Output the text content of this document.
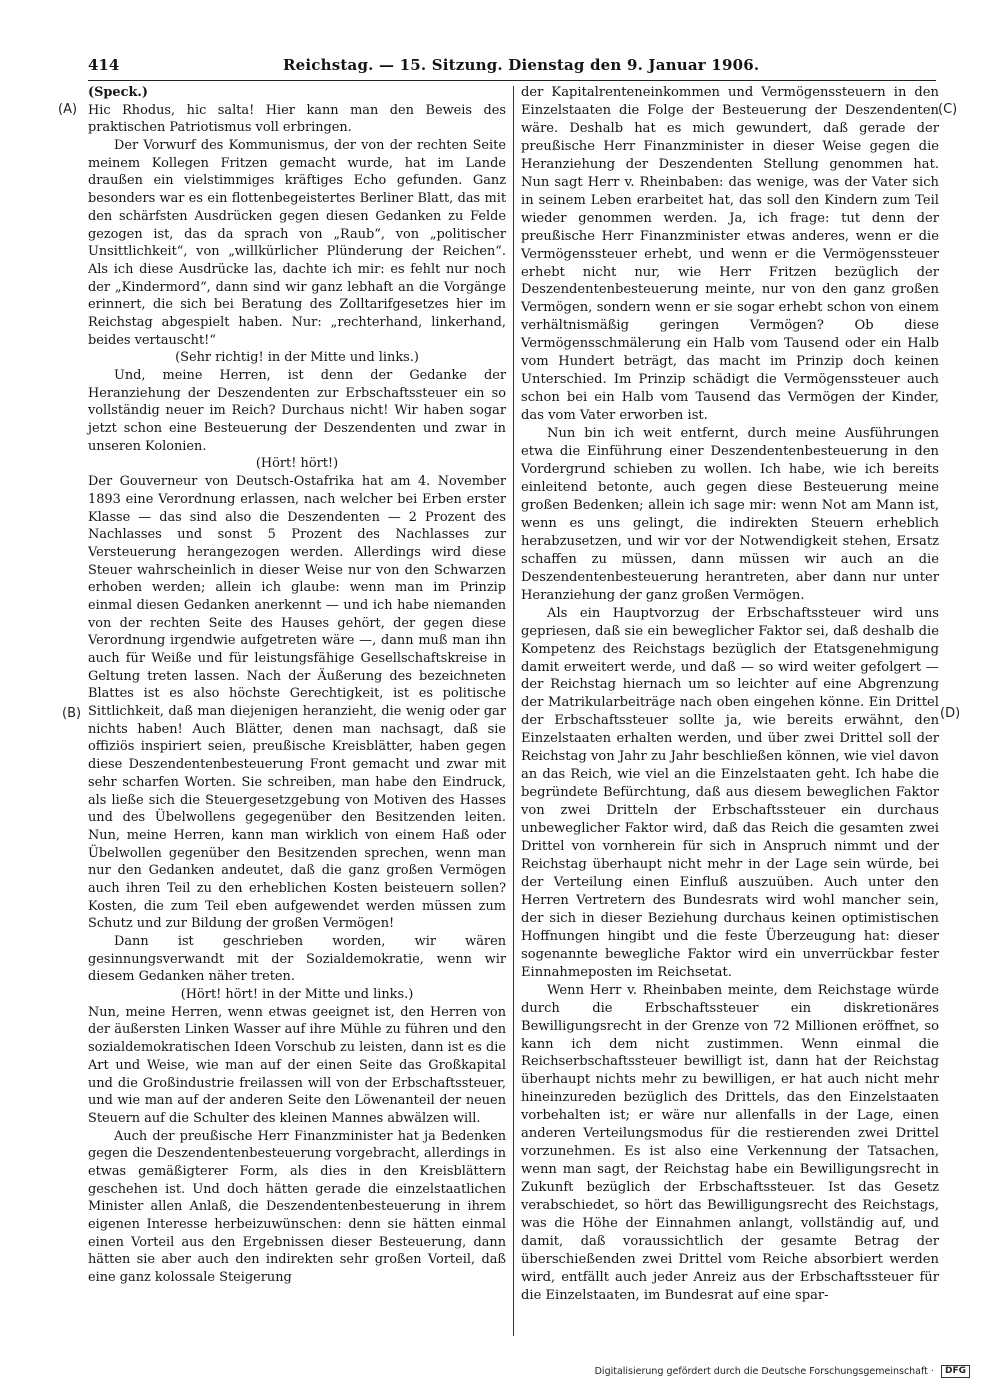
414	Reichstag. — 15. Sitzung. Dienstag den 9. Januar 1906.
(A)
(B)
(C)
(D)

(Speck.)

Hic Rhodus, hic salta! Hier kann man den Beweis des praktischen Patriotismus voll erbringen.

Der Vorwurf des Kommunismus, der von der rechten Seite meinem Kollegen Fritzen gemacht wurde, hat im Lande draußen ein vielstimmiges kräftiges Echo gefunden. Ganz besonders war es ein flottenbegeistertes Berliner Blatt, das mit den schärfsten Ausdrücken gegen diesen Gedanken zu Felde gezogen ist, das da sprach von „Raub“, von „politischer Unsittlichkeit“, von „willkürlicher Plünderung der Reichen“. Als ich diese Ausdrücke las, dachte ich mir: es fehlt nur noch der „Kindermord“, dann sind wir ganz lebhaft an die Vorgänge erinnert, die sich bei Beratung des Zolltarifgesetzes hier im Reichstag abgespielt haben. Nur: „rechterhand, linkerhand, beides vertauscht!“

(Sehr richtig! in der Mitte und links.)

Und, meine Herren, ist denn der Gedanke der Heranziehung der Deszendenten zur Erbschaftssteuer ein so vollständig neuer im Reich? Durchaus nicht! Wir haben sogar jetzt schon eine Besteuerung der Deszendenten und zwar in unseren Kolonien.

(Hört! hört!)

Der Gouverneur von Deutsch-Ostafrika hat am 4. November 1893 eine Verordnung erlassen, nach welcher bei Erben erster Klasse — das sind also die Deszendenten — 2 Prozent des Nachlasses und sonst 5 Prozent des Nachlasses zur Versteuerung herangezogen werden. Allerdings wird diese Steuer wahrscheinlich in dieser Weise nur von den Schwarzen erhoben werden; allein ich glaube: wenn man im Prinzip einmal diesen Gedanken anerkennt — und ich habe niemanden von der rechten Seite des Hauses gehört, der gegen diese Verordnung irgendwie aufgetreten wäre —, dann muß man ihn auch für Weiße und für leistungsfähige Gesellschaftskreise in Geltung treten lassen. Nach der Äußerung des bezeichneten Blattes ist es also höchste Gerechtigkeit, ist es politische Sittlichkeit, daß man diejenigen heranzieht, die wenig oder gar nichts haben! Auch Blätter, denen man nachsagt, daß sie offiziös inspiriert seien, preußische Kreisblätter, haben gegen diese Deszendentenbesteuerung Front gemacht und zwar mit sehr scharfen Worten. Sie schreiben, man habe den Eindruck, als ließe sich die Steuergesetzgebung von Motiven des Hasses und des Übelwollens gegegenüber den Besitzenden leiten. Nun, meine Herren, kann man wirklich von einem Haß oder Übelwollen gegenüber den Besitzenden sprechen, wenn man nur den Gedanken andeutet, daß die ganz großen Vermögen auch ihren Teil zu den erheblichen Kosten beisteuern sollen? Kosten, die zum Teil eben aufgewendet werden müssen zum Schutz und zur Bildung der großen Vermögen!

Dann ist geschrieben worden, wir wären gesinnungsverwandt mit der Sozialdemokratie, wenn wir diesem Gedanken näher treten.

(Hört! hört! in der Mitte und links.)

Nun, meine Herren, wenn etwas geeignet ist, den Herren von der äußersten Linken Wasser auf ihre Mühle zu führen und den sozialdemokratischen Ideen Vorschub zu leisten, dann ist es die Art und Weise, wie man auf der einen Seite das Großkapital und die Großindustrie freilassen will von der Erbschaftssteuer, und wie man auf der anderen Seite den Löwenanteil der neuen Steuern auf die Schulter des kleinen Mannes abwälzen will.

Auch der preußische Herr Finanzminister hat ja Bedenken gegen die Deszendentenbesteuerung vorgebracht, allerdings in etwas gemäßigterer Form, als dies in den Kreisblättern geschehen ist. Und doch hätten gerade die einzelstaatlichen Minister allen Anlaß, die Deszendentenbesteuerung in ihrem eigenen Interesse herbeizuwünschen: denn sie hätten einmal einen Vorteil aus den Ergebnissen dieser Besteuerung, dann hätten sie aber auch den indirekten sehr großen Vorteil, daß eine ganz kolossale Steigerung

der Kapitalrenteneinkommen und Vermögenssteuern in den Einzelstaaten die Folge der Besteuerung der Deszendenten wäre. Deshalb hat es mich gewundert, daß gerade der preußische Herr Finanzminister in dieser Weise gegen die Heranziehung der Deszendenten Stellung genommen hat. Nun sagt Herr v. Rheinbaben: das wenige, was der Vater sich in seinem Leben erarbeitet hat, das soll den Kindern zum Teil wieder genommen werden. Ja, ich frage: tut denn der preußische Herr Finanzminister etwas anderes, wenn er die Vermögenssteuer erhebt, und wenn er die Vermögenssteuer erhebt nicht nur, wie Herr Fritzen bezüglich der Deszendentenbesteuerung meinte, nur von den ganz großen Vermögen, sondern wenn er sie sogar erhebt schon von einem verhältnismäßig geringen Vermögen? Ob diese Vermögensschmälerung ein Halb vom Tausend oder ein Halb vom Hundert beträgt, das macht im Prinzip doch keinen Unterschied. Im Prinzip schädigt die Vermögenssteuer auch schon bei ein Halb vom Tausend das Vermögen der Kinder, das vom Vater erworben ist.

Nun bin ich weit entfernt, durch meine Ausführungen etwa die Einführung einer Deszendentenbesteuerung in den Vordergrund schieben zu wollen. Ich habe, wie ich bereits einleitend betonte, auch gegen diese Besteuerung meine großen Bedenken; allein ich sage mir: wenn Not am Mann ist, wenn es uns gelingt, die indirekten Steuern erheblich herabzusetzen, und wir vor der Notwendigkeit stehen, Ersatz schaffen zu müssen, dann müssen wir auch an die Deszendentenbesteuerung herantreten, aber dann nur unter Heranziehung der ganz großen Vermögen.

Als ein Hauptvorzug der Erbschaftssteuer wird uns gepriesen, daß sie ein beweglicher Faktor sei, daß deshalb die Kompetenz des Reichstags bezüglich der Etatsgenehmigung damit erweitert werde, und daß — so wird weiter gefolgert — der Reichstag hiernach um so leichter auf eine Abgrenzung der Matrikularbeiträge nach oben eingehen könne. Ein Drittel der Erbschaftssteuer sollte ja, wie bereits erwähnt, den Einzelstaaten erhalten werden, und über zwei Drittel soll der Reichstag von Jahr zu Jahr beschließen können, wie viel davon an das Reich, wie viel an die Einzelstaaten geht. Ich habe die begründete Befürchtung, daß aus diesem beweglichen Faktor von zwei Dritteln der Erbschaftssteuer ein durchaus unbeweglicher Faktor wird, daß das Reich die gesamten zwei Drittel von vornherein für sich in Anspruch nimmt und der Reichstag überhaupt nicht mehr in der Lage sein würde, bei der Verteilung einen Einfluß auszuüben. Auch unter den Herren Vertretern des Bundesrats wird wohl mancher sein, der sich in dieser Beziehung durchaus keinen optimistischen Hoffnungen hingibt und die feste Überzeugung hat: dieser sogenannte bewegliche Faktor wird ein unverrückbar fester Einnahmeposten im Reichsetat.

Wenn Herr v. Rheinbaben meinte, dem Reichstage würde durch die Erbschaftssteuer ein diskretionäres Bewilligungsrecht in der Grenze von 72 Millionen eröffnet, so kann ich dem nicht zustimmen. Wenn einmal die Reichserbschaftssteuer bewilligt ist, dann hat der Reichstag überhaupt nichts mehr zu bewilligen, er hat auch nicht mehr hineinzureden bezüglich des Drittels, das den Einzelstaaten vorbehalten ist; er wäre nur allenfalls in der Lage, einen anderen Verteilungsmodus für die restierenden zwei Drittel vorzunehmen. Es ist also eine Verkennung der Tatsachen, wenn man sagt, der Reichstag habe ein Bewilligungsrecht in Zukunft bezüglich der Erbschaftssteuer. Ist das Gesetz verabschiedet, so hört das Bewilligungsrecht des Reichstags, was die Höhe der Einnahmen anlangt, vollständig auf, und damit, daß voraussichtlich der gesamte Betrag der überschießenden zwei Drittel vom Reiche absorbiert werden wird, entfällt auch jeder Anreiz aus der Erbschaftssteuer für die Einzelstaaten, im Bundesrat auf eine spar-

Digitalisierung gefördert durch die Deutsche Forschungsgemeinschaft · DFG
